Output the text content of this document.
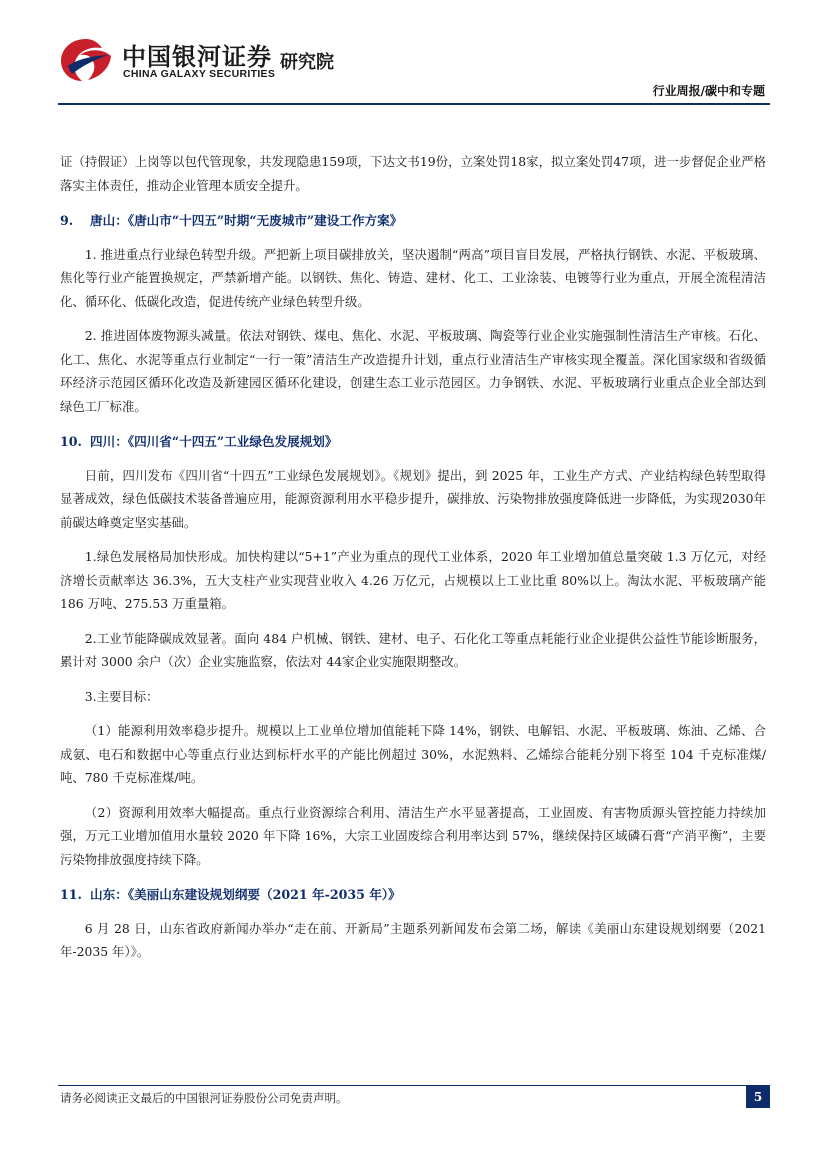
中国银河证券
CHINA GALAXY SECURITIES
研究院
行业周报/碳中和专题

证（持假证）上岗等以包代管现象，共发现隐患159项，下达文书19份，立案处罚18家，拟立案处罚47项，进一步督促企业严格落实主体责任，推动企业管理本质安全提升。

9.	唐山：《唐山市“十四五”时期“无废城市”建设工作方案》

1. 推进重点行业绿色转型升级。严把新上项目碳排放关，坚决遏制“两高”项目盲目发展，严格执行钢铁、水泥、平板玻璃、焦化等行业产能置换规定，严禁新增产能。以钢铁、焦化、铸造、建材、化工、工业涂装、电镀等行业为重点，开展全流程清洁化、循环化、低碳化改造，促进传统产业绿色转型升级。

2. 推进固体废物源头减量。依法对钢铁、煤电、焦化、水泥、平板玻璃、陶瓷等行业企业实施强制性清洁生产审核。石化、化工、焦化、水泥等重点行业制定“一行一策”清洁生产改造提升计划，重点行业清洁生产审核实现全覆盖。深化国家级和省级循环经济示范园区循环化改造及新建园区循环化建设，创建生态工业示范园区。力争钢铁、水泥、平板玻璃行业重点企业全部达到绿色工厂标准。

10. 四川：《四川省“十四五”工业绿色发展规划》

日前，四川发布《四川省“十四五”工业绿色发展规划》。《规划》提出，到 2025 年，工业生产方式、产业结构绿色转型取得显著成效，绿色低碳技术装备普遍应用，能源资源利用水平稳步提升，碳排放、污染物排放强度降低进一步降低，为实现2030年前碳达峰奠定坚实基础。

1.绿色发展格局加快形成。加快构建以“5+1”产业为重点的现代工业体系，2020 年工业增加值总量突破 1.3 万亿元，对经济增长贡献率达 36.3%，五大支柱产业实现营业收入 4.26 万亿元，占规模以上工业比重 80%以上。淘汰水泥、平板玻璃产能 186 万吨、275.53 万重量箱。

2.工业节能降碳成效显著。面向 484 户机械、钢铁、建材、电子、石化化工等重点耗能行业企业提供公益性节能诊断服务，累计对 3000 余户（次）企业实施监察，依法对 44家企业实施限期整改。

3.主要目标：

（1）能源利用效率稳步提升。规模以上工业单位增加值能耗下降 14%，钢铁、电解铝、水泥、平板玻璃、炼油、乙烯、合成氨、电石和数据中心等重点行业达到标杆水平的产能比例超过 30%，水泥熟料、乙烯综合能耗分别下将至 104 千克标准煤/吨、780 千克标准煤/吨。

（2）资源利用效率大幅提高。重点行业资源综合利用、清洁生产水平显著提高，工业固废、有害物质源头管控能力持续加强，万元工业增加值用水量较 2020 年下降 16%，大宗工业固废综合利用率达到 57%，继续保持区域磷石膏“产消平衡”，主要污染物排放强度持续下降。

11. 山东：《美丽山东建设规划纲要（2021 年-2035 年）》

6 月 28 日，山东省政府新闻办举办“走在前、开新局”主题系列新闻发布会第二场，解读《美丽山东建设规划纲要（2021 年-2035 年）》。

请务必阅读正文最后的中国银河证券股份公司免责声明。	5
